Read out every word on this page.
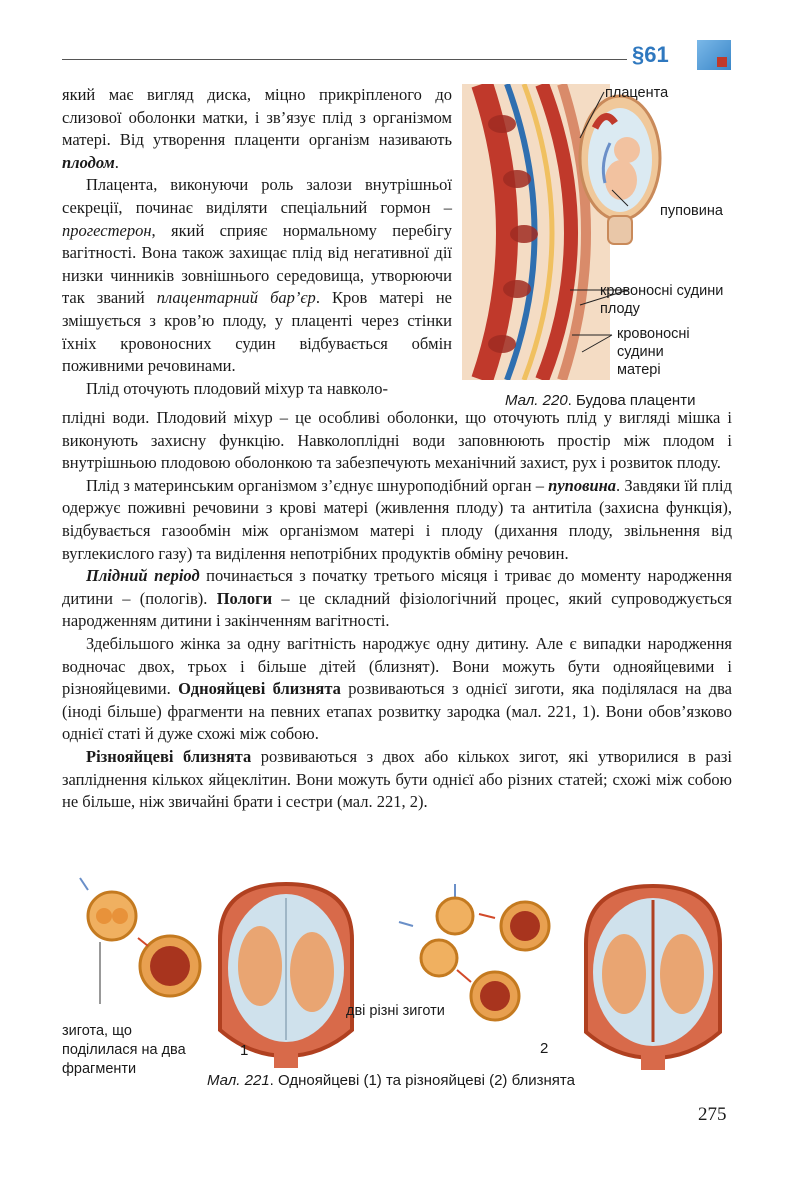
§61
плацента
пуповина
кровоносні судини
плоду
кровоносні
судини
матері
Мал. 220. Будова плаценти

який має вигляд диска, міцно прикріпленого до слизової оболонки матки, і зв’язує плід з організмом матері. Від утворення плаценти організм називають плодом.

Плацента, виконуючи роль залози внутрішньої секреції, починає виділяти спеціальний гормон – прогестерон, який сприяє нормальному перебігу вагітності. Вона також захищає плід від негативної дії низки чинників зовнішнього середовища, утворюючи так званий плацентарний бар’єр. Кров матері не змішується з кров’ю плоду, у плаценті через стінки їхніх кровоносних судин відбувається обмін поживними речовинами.

Плід оточують плодовий міхур та навколо-

плідні води. Плодовий міхур – це особливі оболонки, що оточують плід у вигляді мішка і виконують захисну функцію. Навколоплідні води заповнюють простір між плодом і внутрішньою плодовою оболонкою та забезпечують механічний захист, рух і розвиток плоду.

Плід з материнським організмом з’єднує шнуроподібний орган – пуповина. Завдяки їй плід одержує поживні речовини з крові матері (живлення плоду) та антитіла (захисна функція), відбувається газообмін між організмом матері і плоду (дихання плоду, звільнення від вуглекислого газу) та виділення непотрібних продуктів обміну речовин.

Плідний період починається з початку третього місяця і триває до моменту народження дитини – (пологів). Пологи – це складний фізіологічний процес, який супроводжується народженням дитини і закінченням вагітності.

Здебільшого жінка за одну вагітність народжує одну дитину. Але є випадки народження водночас двох, трьох і більше дітей (близнят). Вони можуть бути однояйцевими і різнояйцевими. Однояйцеві близнята розвиваються з однієї зиготи, яка поділялася на два (іноді більше) фрагменти на певних етапах розвитку зародка (мал. 221, 1). Вони обов’язково однієї статі й дуже схожі між собою.

Різнояйцеві близнята розвиваються з двох або кількох зигот, які утворилися в разі запліднення кількох яйцеклітин. Вони можуть бути однієї або різних статей; схожі між собою не більше, ніж звичайні брати і сестри (мал. 221, 2).

зигота, що
поділилася на два
фрагменти
дві різні зиготи
1	2
Мал. 221. Однояйцеві (1) та різнояйцеві (2) близнята
275
